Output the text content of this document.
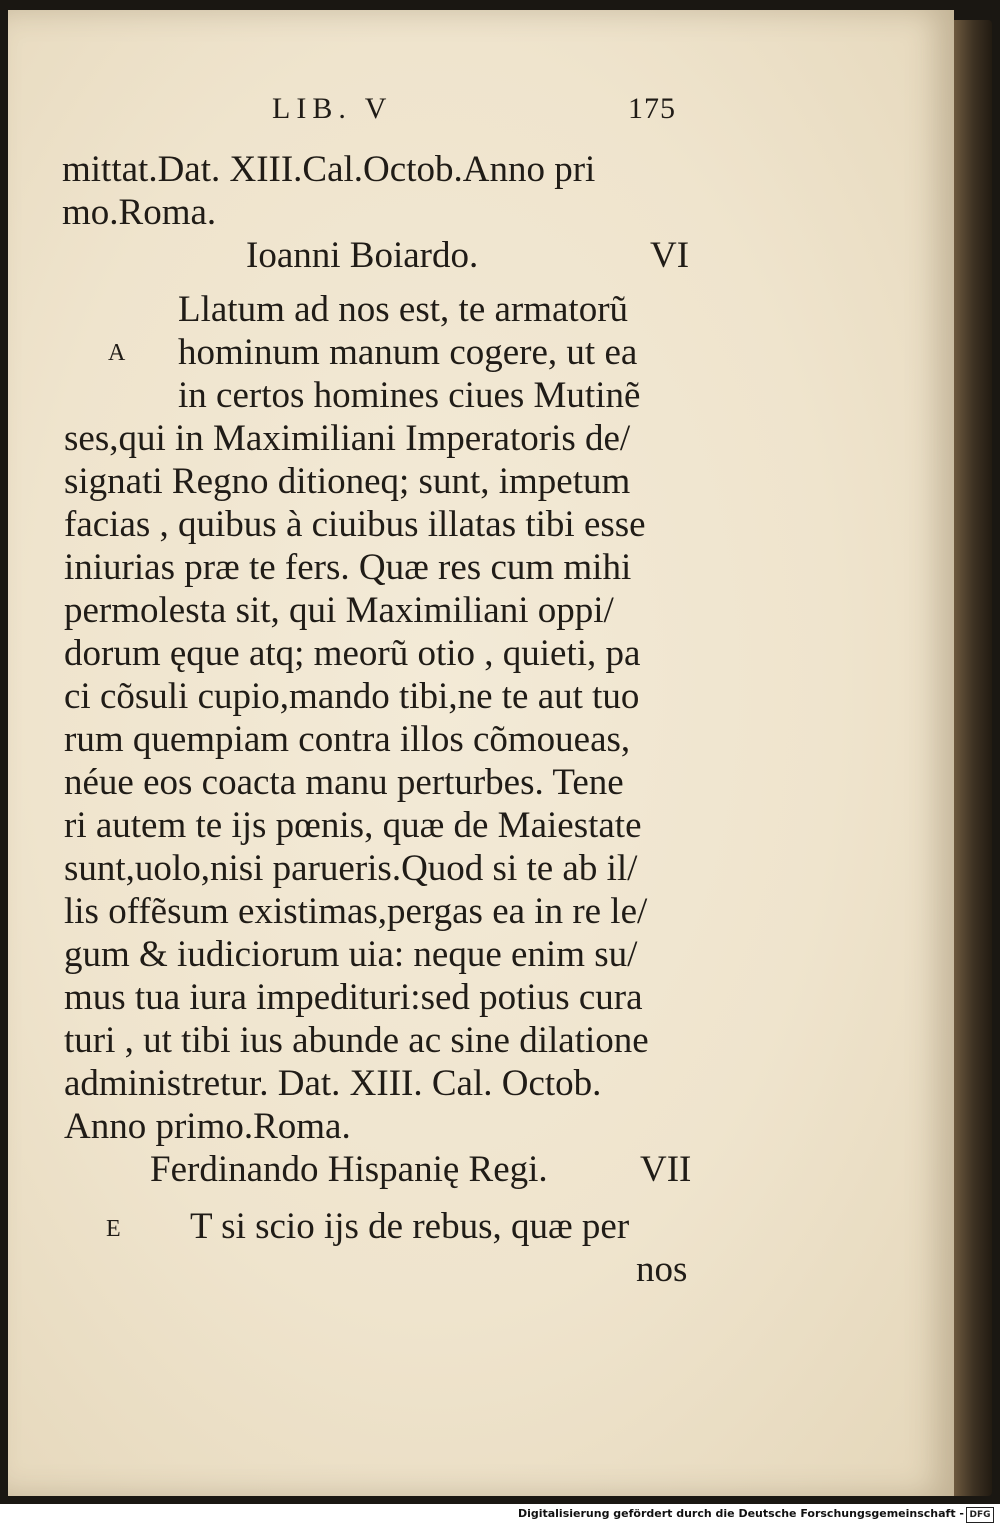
LIB. V	175
mittat.Dat. XIII.Cal.Octob.Anno pri
mo.Roma.
Ioanni Boiardo.	VI
A
Llatum ad nos est, te armatorũ
hominum manum cogere, ut ea
in certos homines ciues Mutinẽ
ses,qui in Maximiliani Imperatoris de/
signati Regno ditioneq; sunt, impetum
facias , quibus à ciuibus illatas tibi esse
iniurias præ te fers. Quæ res cum mihi
permolesta sit, qui Maximiliani oppi/
dorum ęque atq; meorũ otio , quieti, pa
ci cõsuli cupio,mando tibi,ne te aut tuo
rum quempiam contra illos cõmoueas,
néue eos coacta manu perturbes. Tene
ri autem te ijs pœnis, quæ de Maiestate
sunt,uolo,nisi parueris.Quod si te ab il/
lis offẽsum existimas,pergas ea in re le/
gum & iudiciorum uia: neque enim su/
mus tua iura impedituri:sed potius cura
turi , ut tibi ius abunde ac sine dilatione
administretur. Dat. XIII. Cal. Octob.
Anno primo.Roma.
Ferdinando Hispanię Regi. VII
E T si scio ijs de rebus, quæ per
nos
Digitalisierung gefördert durch die Deutsche Forschungsgemeinschaft - DFG
